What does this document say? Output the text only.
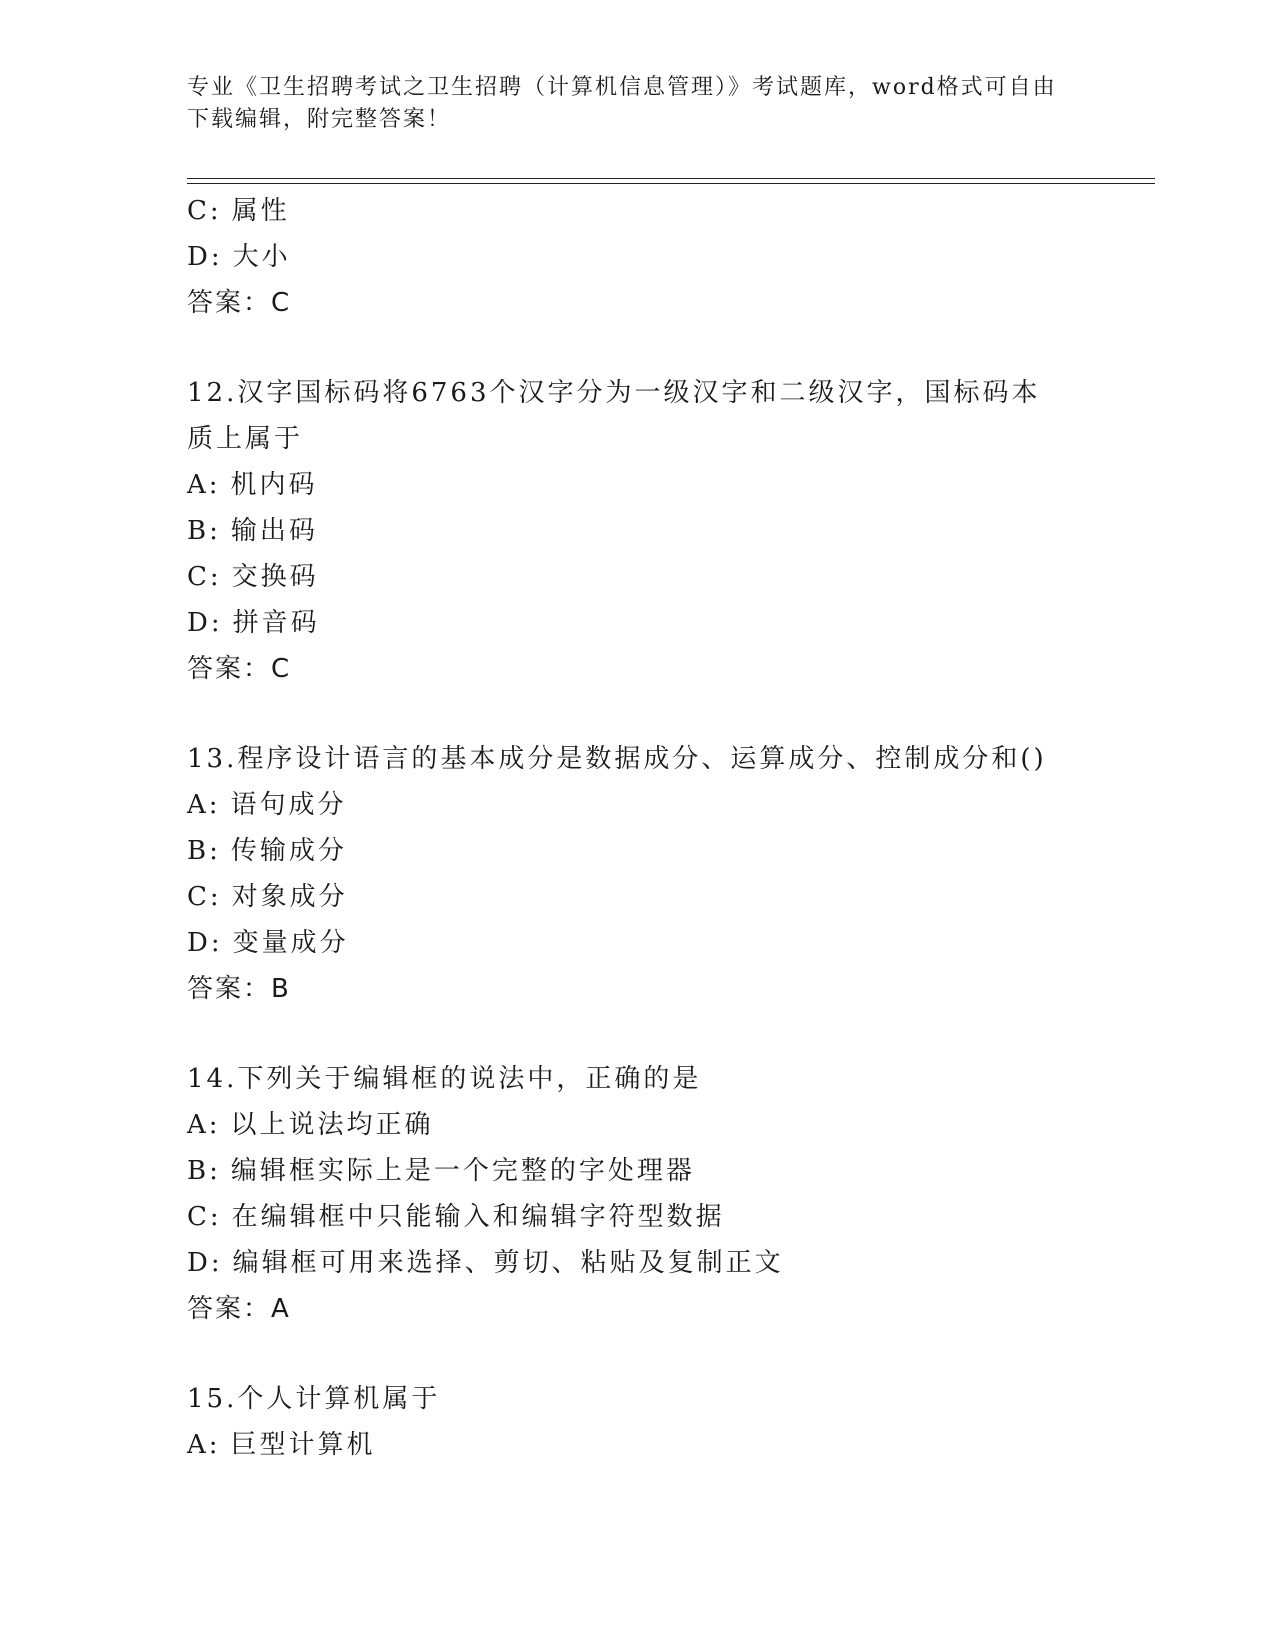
专业《卫生招聘考试之卫生招聘（计算机信息管理）》考试题库，word格式可自由下载编辑，附完整答案！
C: 属性
D: 大小
答案：C
12.汉字国标码将6763个汉字分为一级汉字和二级汉字，国标码本质上属于
A: 机内码
B: 输出码
C: 交换码
D: 拼音码
答案：C
13.程序设计语言的基本成分是数据成分、运算成分、控制成分和()
A: 语句成分
B: 传输成分
C: 对象成分
D: 变量成分
答案：B
14.下列关于编辑框的说法中，正确的是
A: 以上说法均正确
B: 编辑框实际上是一个完整的字处理器
C: 在编辑框中只能输入和编辑字符型数据
D: 编辑框可用来选择、剪切、粘贴及复制正文
答案：A
15.个人计算机属于
A: 巨型计算机
